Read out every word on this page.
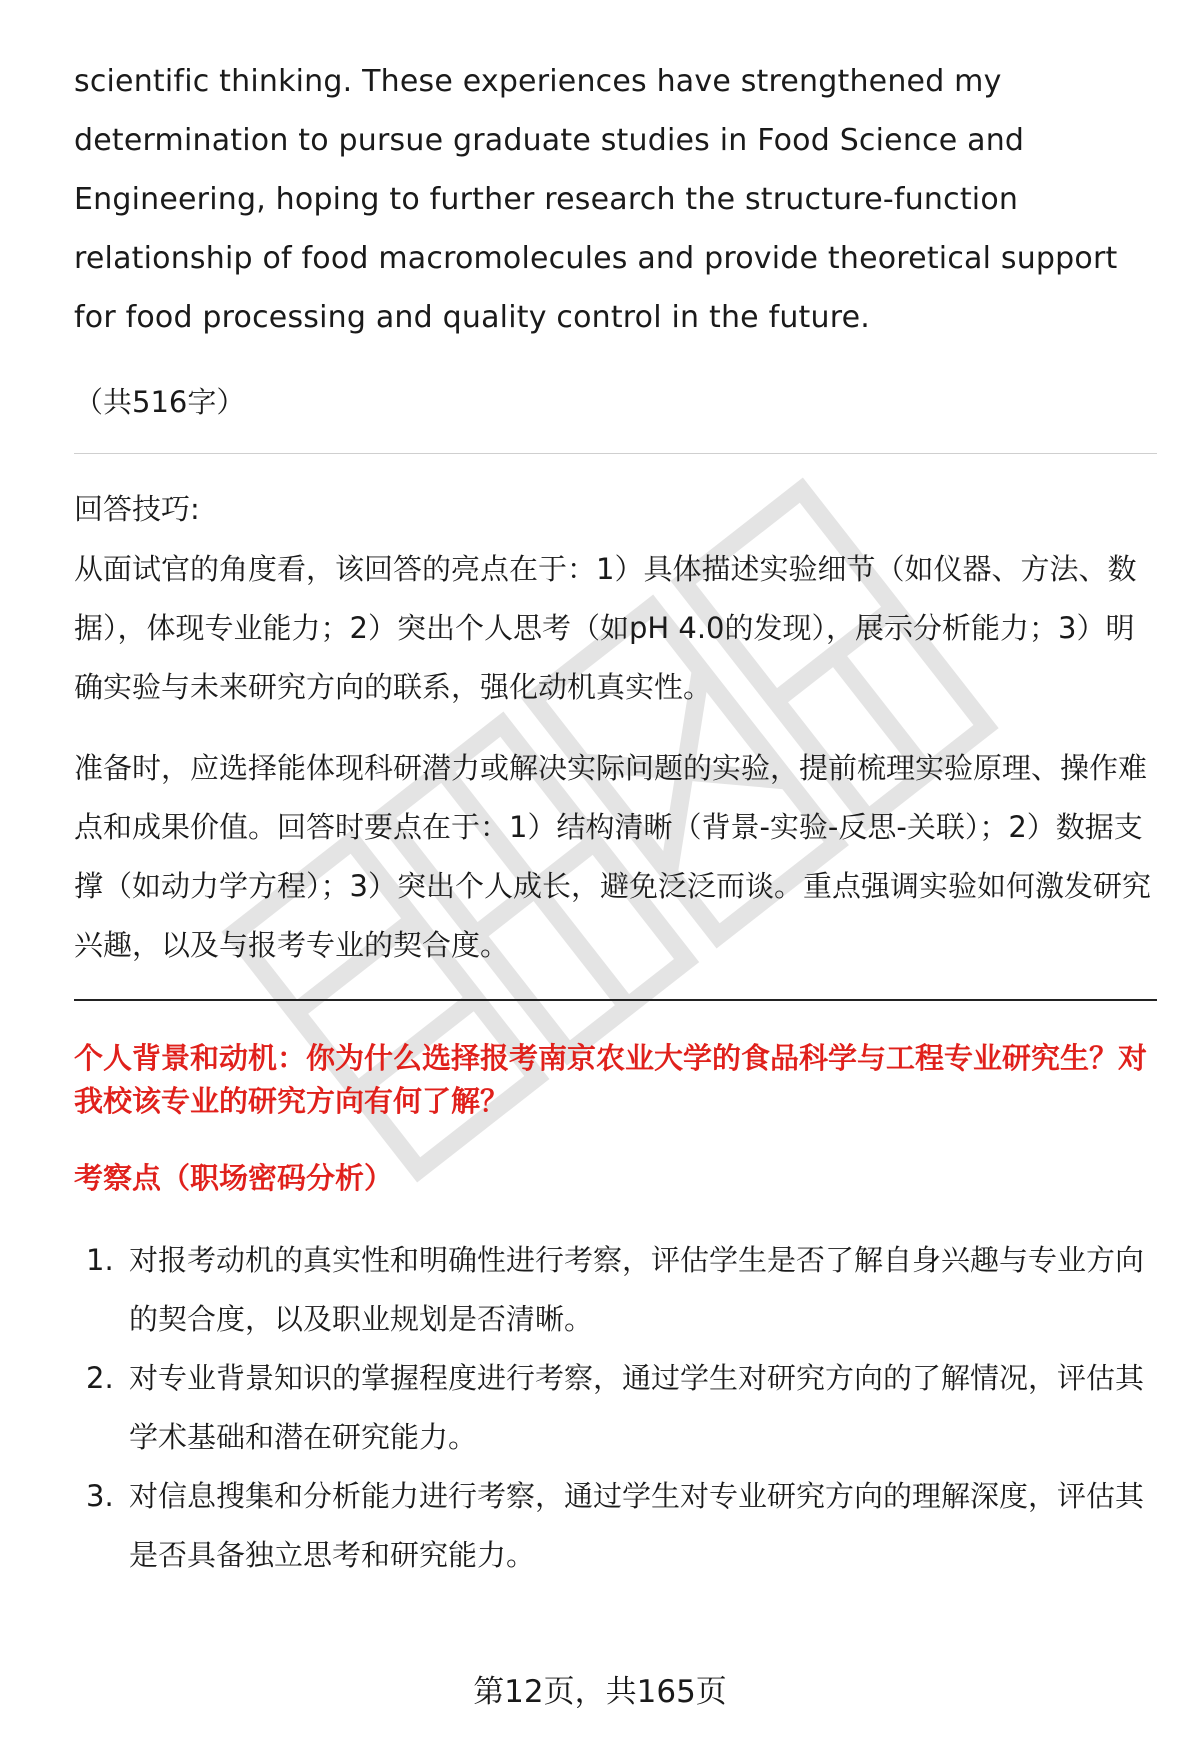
scientific thinking. These experiences have strengthened my determination to pursue graduate studies in Food Science and Engineering, hoping to further research the structure-function relationship of food macromolecules and provide theoretical support for food processing and quality control in the future.

（共516字）

回答技巧:

从面试官的角度看，该回答的亮点在于：1）具体描述实验细节（如仪器、方法、数据），体现专业能力；2）突出个人思考（如pH 4.0的发现），展示分析能力；3）明确实验与未来研究方向的联系，强化动机真实性。

准备时，应选择能体现科研潜力或解决实际问题的实验，提前梳理实验原理、操作难点和成果价值。回答时要点在于：1）结构清晰（背景-实验-反思-关联）；2）数据支撑（如动力学方程）；3）突出个人成长，避免泛泛而谈。重点强调实验如何激发研究兴趣，以及与报考专业的契合度。

个人背景和动机：你为什么选择报考南京农业大学的食品科学与工程专业研究生？对我校该专业的研究方向有何了解？

考察点（职场密码分析）

1. 对报考动机的真实性和明确性进行考察，评估学生是否了解自身兴趣与专业方向的契合度，以及职业规划是否清晰。
2. 对专业背景知识的掌握程度进行考察，通过学生对研究方向的了解情况，评估其学术基础和潜在研究能力。
3. 对信息搜集和分析能力进行考察，通过学生对专业研究方向的理解深度，评估其是否具备独立思考和研究能力。
第12页，共165页
